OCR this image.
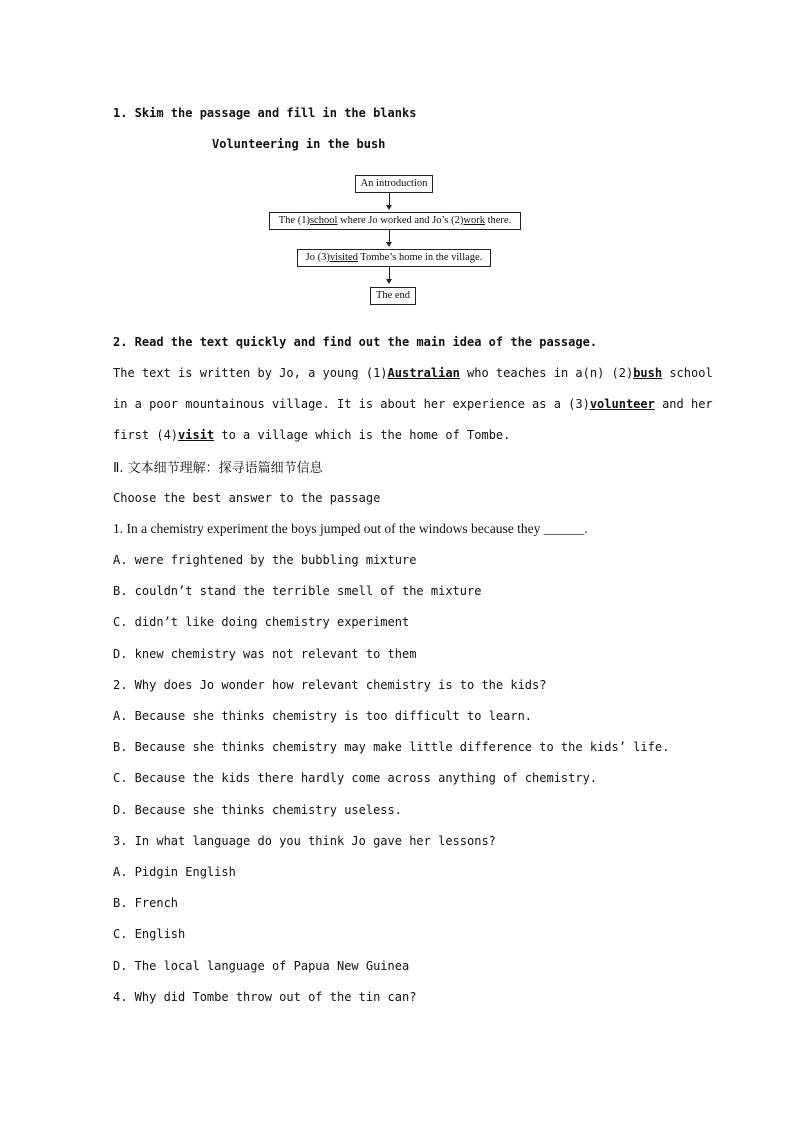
1. Skim the passage and fill in the blanks
Volunteering in the bush
An introduction
The (1)school where Jo worked and Jo’s (2)work there.
Jo (3)visited Tombe’s home in the village.
The end
2. Read the text quickly and find out the main idea of the passage.
The text is written by Jo, a young (1)Australian who teaches in a(n) (2)bush school
in a poor mountainous village. It is about her experience as a (3)volunteer and her
first (4)visit to a village which is the home of Tombe.
Ⅱ. 文本细节理解：探寻语篇细节信息
Choose the best answer to the passage
1. In a chemistry experiment the boys jumped out of the windows because they ______.
A. were frightened by the bubbling mixture
B. couldn’t stand the terrible smell of the mixture
C. didn’t like doing chemistry experiment
D. knew chemistry was not relevant to them
2. Why does Jo wonder how relevant chemistry is to the kids?
A. Because she thinks chemistry is too difficult to learn.
B. Because she thinks chemistry may make little difference to the kids’ life.
C. Because the kids there hardly come across anything of chemistry.
D. Because she thinks chemistry useless.
3. In what language do you think Jo gave her lessons?
A. Pidgin English
B. French
C. English
D. The local language of Papua New Guinea
4. Why did Tombe throw out of the tin can?
